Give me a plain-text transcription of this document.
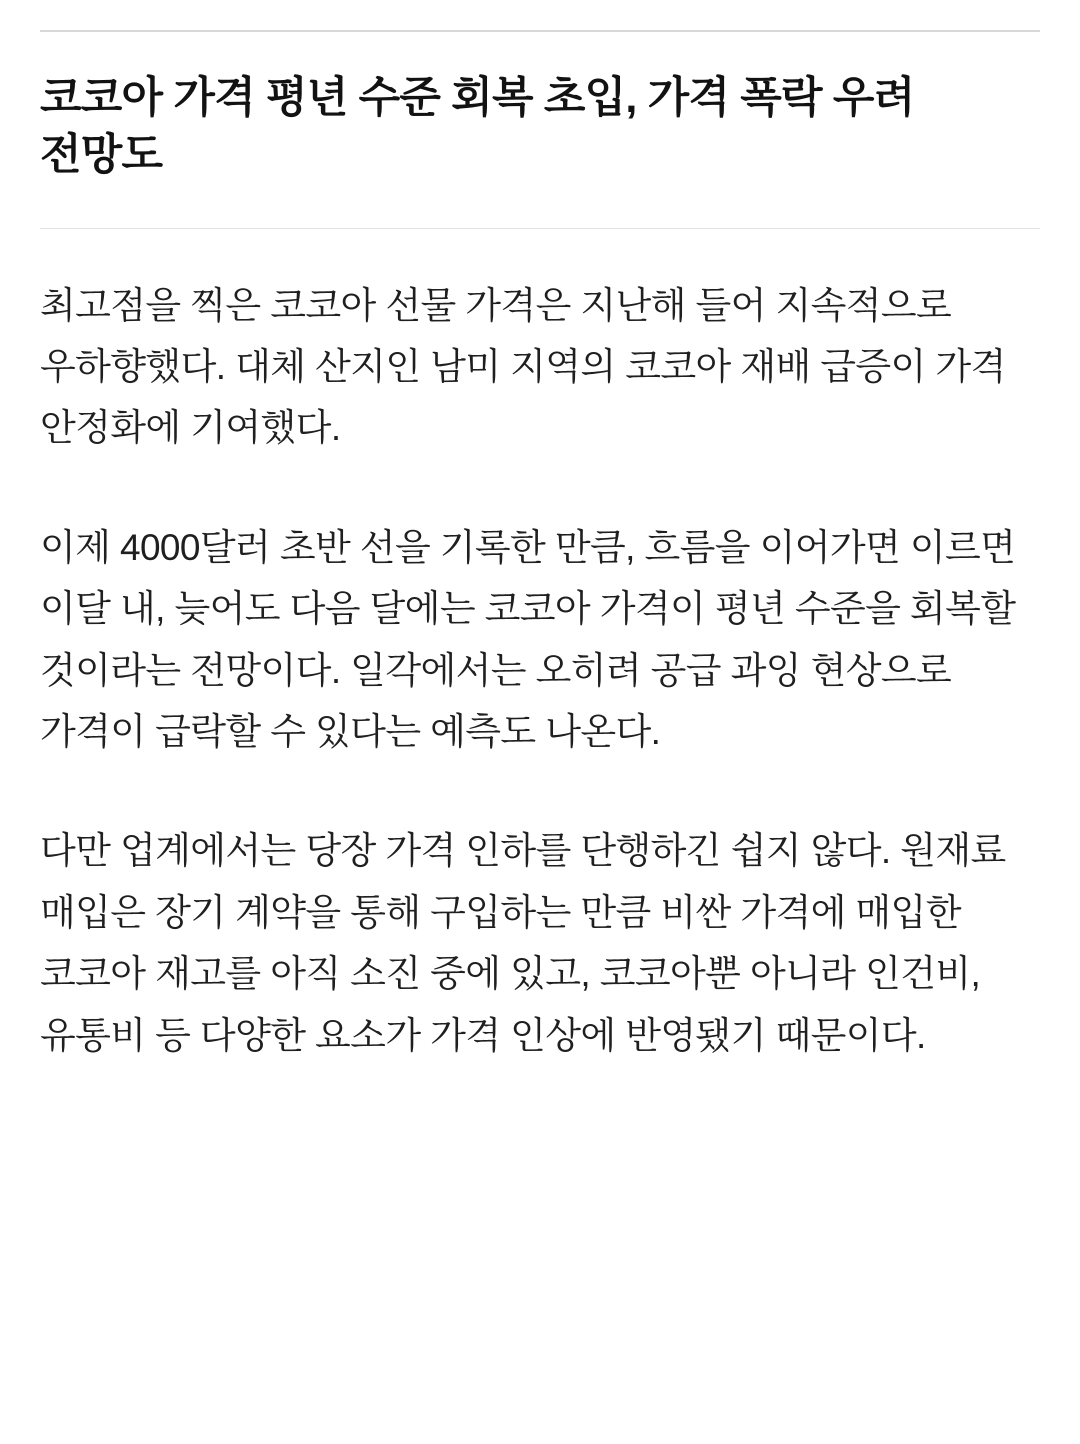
코코아 가격 평년 수준 회복 초입, 가격 폭락 우려 전망도

최고점을 찍은 코코아 선물 가격은 지난해 들어 지속적으로 우하향했다. 대체 산지인 남미 지역의 코코아 재배 급증이 가격 안정화에 기여했다.

이제 4000달러 초반 선을 기록한 만큼, 흐름을 이어가면 이르면 이달 내, 늦어도 다음 달에는 코코아 가격이 평년 수준을 회복할 것이라는 전망이다. 일각에서는 오히려 공급 과잉 현상으로 가격이 급락할 수 있다는 예측도 나온다.

다만 업계에서는 당장 가격 인하를 단행하긴 쉽지 않다. 원재료 매입은 장기 계약을 통해 구입하는 만큼 비싼 가격에 매입한 코코아 재고를 아직 소진 중에 있고, 코코아뿐 아니라 인건비, 유통비 등 다양한 요소가 가격 인상에 반영됐기 때문이다.
